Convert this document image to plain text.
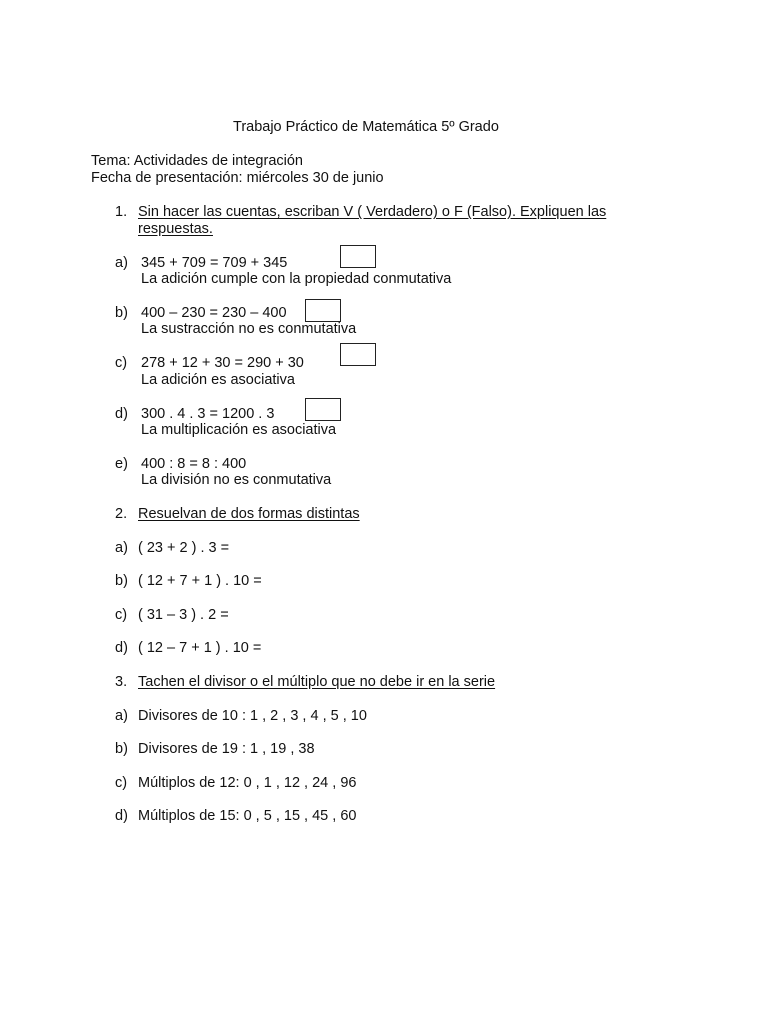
Trabajo Práctico de Matemática 5º Grado
Tema: Actividades de integración
Fecha de presentación: miércoles 30 de junio
1. Sin hacer las cuentas, escriban V ( Verdadero) o F (Falso). Expliquen las
respuestas.
a) 345 + 709 = 709 + 345
La adición cumple con la propiedad conmutativa
b) 400 – 230 = 230 – 400
La sustracción no es conmutativa
c) 278 + 12 + 30 = 290 + 30
La adición es asociativa
d) 300 . 4 . 3 = 1200 . 3
La multiplicación es asociativa
e) 400 : 8 = 8 : 400
La división no es conmutativa
2. Resuelvan de dos formas distintas
a) ( 23 + 2 ) . 3 =
b) ( 12 + 7 + 1 ) . 10 =
c) ( 31 – 3 ) . 2 =
d) ( 12 – 7 + 1 ) . 10 =
3. Tachen el divisor o el múltiplo que no debe ir en la serie
a) Divisores de 10 : 1 , 2 , 3 , 4 , 5 , 10
b) Divisores de 19 : 1 , 19 , 38
c) Múltiplos de 12: 0 , 1 , 12 , 24 , 96
d) Múltiplos de 15: 0 , 5 , 15 , 45 , 60
